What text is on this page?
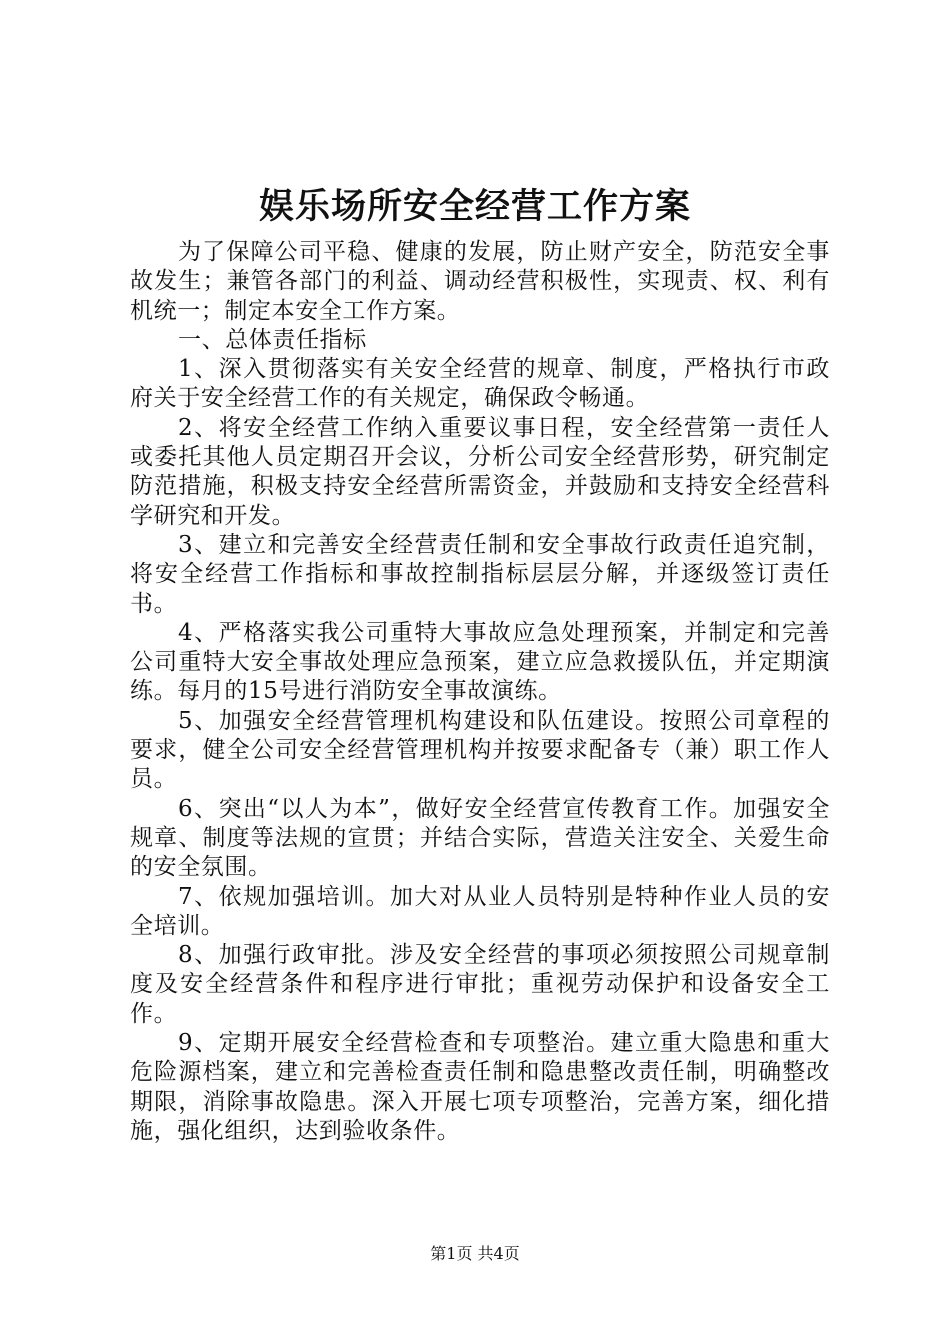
娱乐场所安全经营工作方案

为了保障公司平稳、健康的发展，防止财产安全，防范安全事故发生；兼管各部门的利益、调动经营积极性，实现责、权、利有机统一；制定本安全工作方案。

一、总体责任指标

1、深入贯彻落实有关安全经营的规章、制度，严格执行市政府关于安全经营工作的有关规定，确保政令畅通。

2、将安全经营工作纳入重要议事日程，安全经营第一责任人或委托其他人员定期召开会议，分析公司安全经营形势，研究制定防范措施，积极支持安全经营所需资金，并鼓励和支持安全经营科学研究和开发。

3、建立和完善安全经营责任制和安全事故行政责任追究制，将安全经营工作指标和事故控制指标层层分解，并逐级签订责任书。

4、严格落实我公司重特大事故应急处理预案，并制定和完善公司重特大安全事故处理应急预案，建立应急救援队伍，并定期演练。每月的15号进行消防安全事故演练。

5、加强安全经营管理机构建设和队伍建设。按照公司章程的要求，健全公司安全经营管理机构并按要求配备专（兼）职工作人员。

6、突出“以人为本”，做好安全经营宣传教育工作。加强安全规章、制度等法规的宣贯；并结合实际，营造关注安全、关爱生命的安全氛围。

7、依规加强培训。加大对从业人员特别是特种作业人员的安全培训。

8、加强行政审批。涉及安全经营的事项必须按照公司规章制度及安全经营条件和程序进行审批；重视劳动保护和设备安全工作。

9、定期开展安全经营检查和专项整治。建立重大隐患和重大危险源档案，建立和完善检查责任制和隐患整改责任制，明确整改期限，消除事故隐患。深入开展七项专项整治，完善方案，细化措施，强化组织，达到验收条件。

第1页 共4页
